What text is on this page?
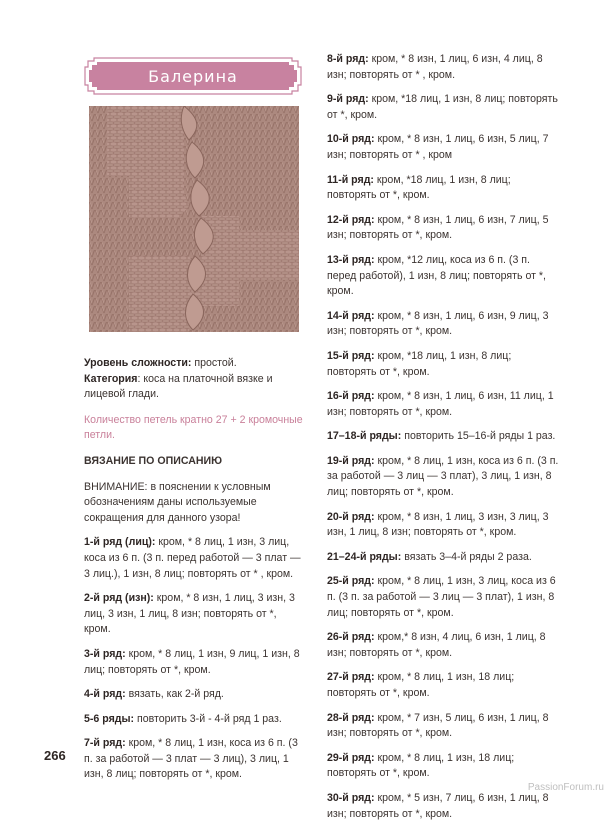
Балерина

Уровень сложности: простой.

Категория: коса на платочной вязке и лицевой глади.

Количество петель кратно 27 + 2 кромочные петли.

ВЯЗАНИЕ ПО ОПИСАНИЮ

ВНИМАНИЕ: в пояснении к условным обозначениям даны используемые сокращения для данного узора!

1-й ряд (лиц): кром, * 8 лиц, 1 изн, 3 лиц, коса из 6 п. (3 п. перед работой — 3 плат — 3 лиц.), 1 изн, 8 лиц; повторять от * , кром.

2-й ряд (изн): кром, * 8 изн, 1 лиц, 3 изн, 3 лиц, 3 изн, 1 лиц, 8 изн; повторять от *, кром.

3-й ряд: кром, * 8 лиц, 1 изн, 9 лиц, 1 изн, 8 лиц; повторять от *, кром.

4-й ряд: вязать, как 2-й ряд.

5-6 ряды: повторить 3-й - 4-й ряд 1 раз.

7-й ряд: кром, * 8 лиц, 1 изн, коса из 6 п. (3 п. за работой — 3 плат — 3 лиц), 3 лиц, 1 изн, 8 лиц; повторять от *, кром.

8-й ряд: кром, * 8 изн, 1 лиц, 6 изн, 4 лиц, 8 изн; повторять от * , кром.

9-й ряд: кром, *18 лиц, 1 изн, 8 лиц; повторять от *, кром.

10-й ряд: кром, * 8 изн, 1 лиц, 6 изн, 5 лиц, 7 изн; повторять от * , кром

11-й ряд: кром, *18 лиц, 1 изн, 8 лиц; повторять от *, кром.

12-й ряд: кром, * 8 изн, 1 лиц, 6 изн, 7 лиц, 5 изн; повторять от *, кром.

13-й ряд: кром, *12 лиц, коса из 6 п. (3 п. перед работой), 1 изн, 8 лиц; повторять от *, кром.

14-й ряд: кром, * 8 изн, 1 лиц, 6 изн, 9 лиц, 3 изн; повторять от *, кром.

15-й ряд: кром, *18 лиц, 1 изн, 8 лиц; повторять от *, кром.

16-й ряд: кром, * 8 изн, 1 лиц, 6 изн, 11 лиц, 1 изн; повторять от *, кром.

17–18-й ряды: повторить 15–16-й ряды 1 раз.

19-й ряд: кром, * 8 лиц, 1 изн, коса из 6 п. (3 п. за работой — 3 лиц — 3 плат), 3 лиц, 1 изн, 8 лиц; повторять от *, кром.

20-й ряд: кром, * 8 изн, 1 лиц, 3 изн, 3 лиц, 3 изн, 1 лиц, 8 изн; повторять от *, кром.

21–24-й ряды: вязать 3–4-й ряды 2 раза.

25-й ряд: кром, * 8 лиц, 1 изн, 3 лиц, коса из 6 п. (3 п. за работой — 3 лиц — 3 плат), 1 изн, 8 лиц; повторять от *, кром.

26-й ряд: кром,* 8 изн, 4 лиц, 6 изн, 1 лиц, 8 изн; повторять от *, кром.

27-й ряд: кром, * 8 лиц, 1 изн, 18 лиц; повторять от *, кром.

28-й ряд: кром, * 7 изн, 5 лиц, 6 изн, 1 лиц, 8 изн; повторять от *, кром.

29-й ряд: кром, * 8 лиц, 1 изн, 18 лиц; повторять от *, кром.

30-й ряд: кром, * 5 изн, 7 лиц, 6 изн, 1 лиц, 8 изн; повторять от *, кром.

266
PassionForum.ru
